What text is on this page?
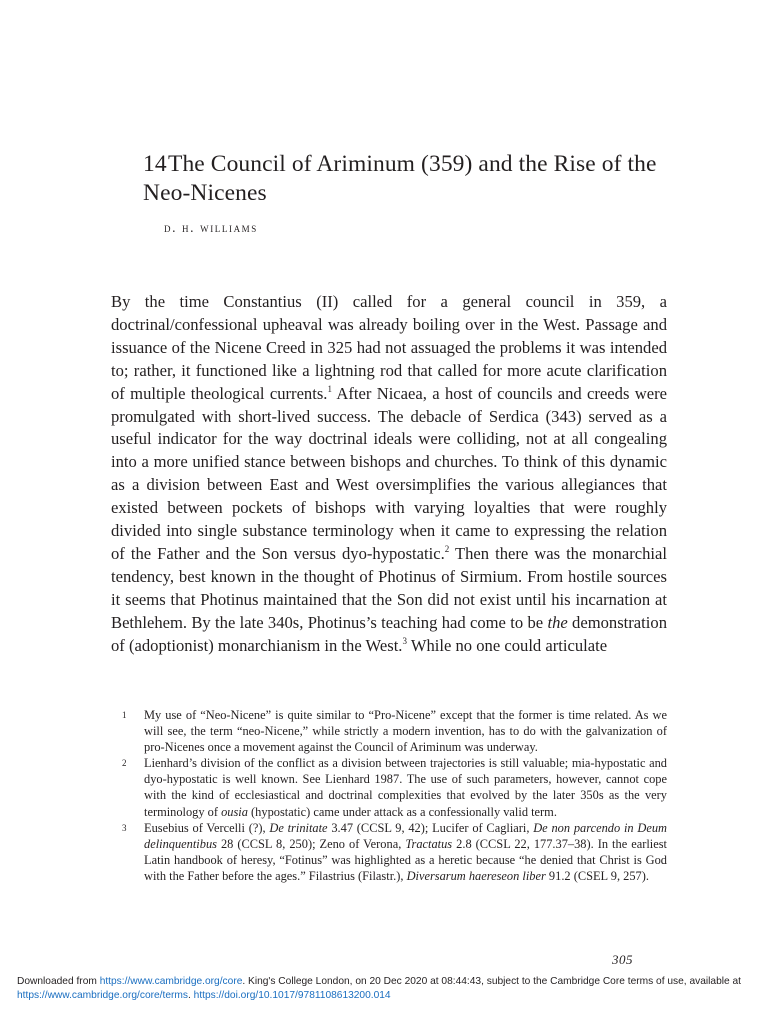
14The Council of Ariminum (359) and the Rise of the Neo-Nicenes
d. h. williams

By the time Constantius (II) called for a general council in 359, a doctrinal/confessional upheaval was already boiling over in the West. Passage and issuance of the Nicene Creed in 325 had not assuaged the problems it was intended to; rather, it functioned like a lightning rod that called for more acute clarification of multiple theological currents.$^1$ After Nicaea, a host of councils and creeds were promulgated with short-lived success. The debacle of Serdica (343) served as a useful indicator for the way doctrinal ideals were colliding, not at all congealing into a more unified stance between bishops and churches. To think of this dynamic as a division between East and West oversimplifies the various allegiances that existed between pockets of bishops with varying loyalties that were roughly divided into single substance terminology when it came to expressing the relation of the Father and the Son versus dyo-hypostatic.$^2$ Then there was the monarchial tendency, best known in the thought of Photinus of Sirmium. From hostile sources it seems that Photinus maintained that the Son did not exist until his incarnation at Bethlehem. By the late 340s, Photinus’s teaching had come to be the demonstration of (adoptionist) monarchianism in the West.$^3$ While no one could articulate

1 My use of “Neo-Nicene” is quite similar to “Pro-Nicene” except that the former is time related. As we will see, the term “neo-Nicene,” while strictly a modern invention, has to do with the galvanization of pro-Nicenes once a movement against the Council of Ariminum was underway.

2 Lienhard’s division of the conflict as a division between trajectories is still valuable; mia-hypostatic and dyo-hypostatic is well known. See Lienhard 1987. The use of such parameters, however, cannot cope with the kind of ecclesiastical and doctrinal complexities that evolved by the later 350s as the very terminology of ousia (hypostatic) came under attack as a confessionally valid term.

3 Eusebius of Vercelli (?), De trinitate 3.47 (CCSL 9, 42); Lucifer of Cagliari, De non parcendo in Deum delinquentibus 28 (CCSL 8, 250); Zeno of Verona, Tractatus 2.8 (CCSL 22, 177.37–38). In the earliest Latin handbook of heresy, “Fotinus” was highlighted as a heretic because “he denied that Christ is God with the Father before the ages.” Filastrius (Filastr.), Diversarum haereseon liber 91.2 (CSEL 9, 257).

305
Downloaded from https://www.cambridge.org/core. King's College London, on 20 Dec 2020 at 08:44:43, subject to the Cambridge Core terms of use, available at https://www.cambridge.org/core/terms. https://doi.org/10.1017/9781108613200.014
